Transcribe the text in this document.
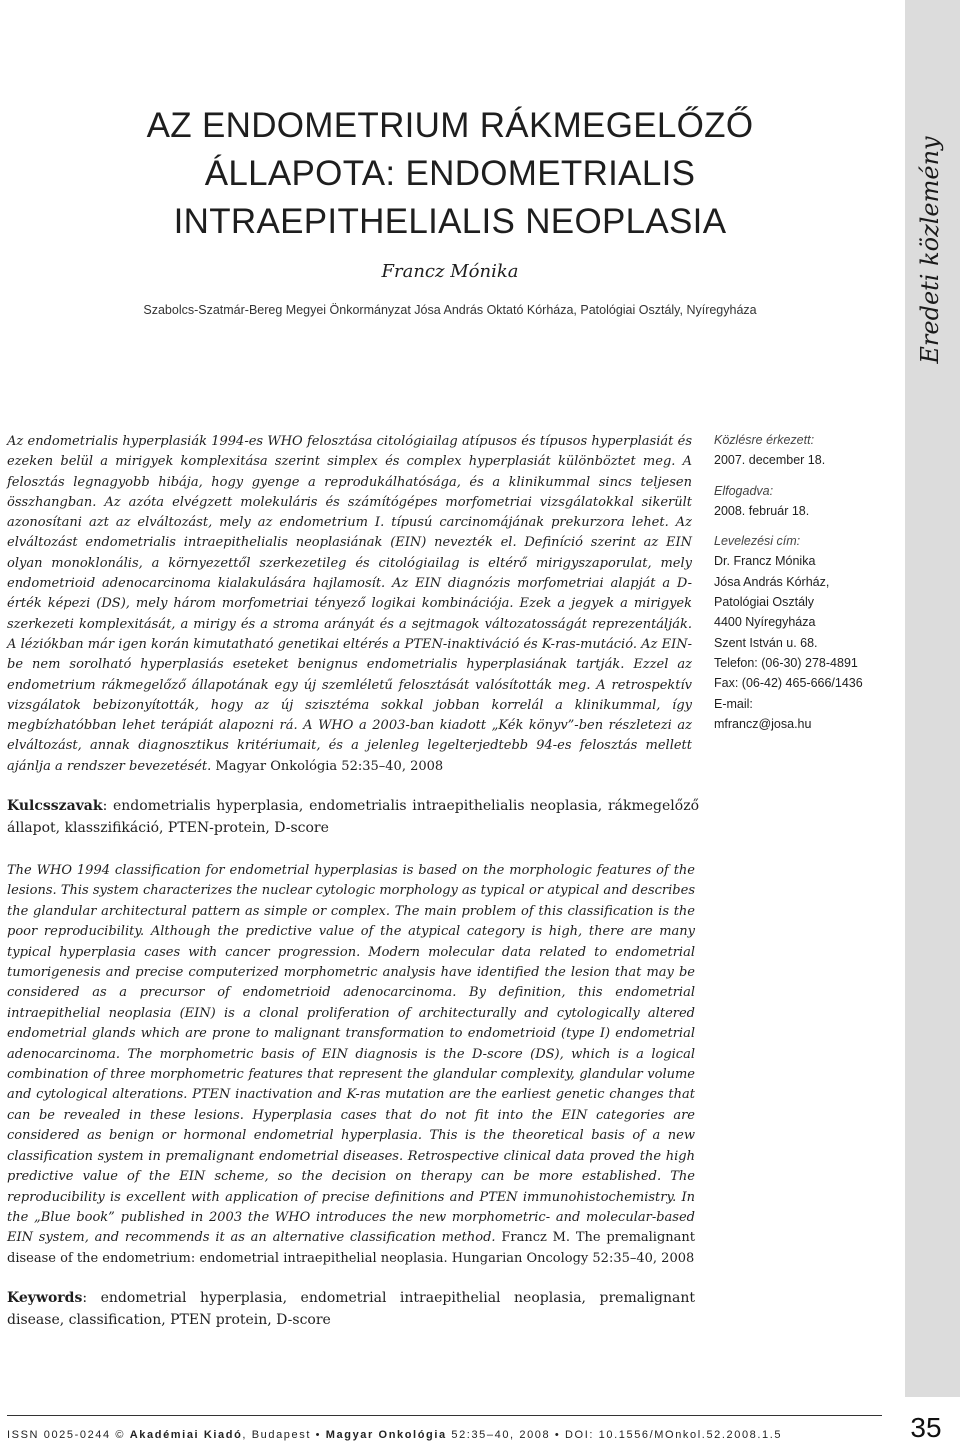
Eredeti közlemény
AZ ENDOMETRIUM RÁKMEGELŐZŐ ÁLLAPOTA: ENDOMETRIALIS INTRAEPITHELIALIS NEOPLASIA
Francz Mónika
Szabolcs-Szatmár-Bereg Megyei Önkormányzat Jósa András Oktató Kórháza, Patológiai Osztály, Nyíregyháza
Az endometrialis hyperplasiák 1994-es WHO felosztása citológiailag atípusos és típusos hyperplasiát és ezeken belül a mirigyek komplexitása szerint simplex és complex hyperplasiát különböztet meg. A felosztás legnagyobb hibája, hogy gyenge a reprodukálhatósága, és a klinikummal sincs teljesen összhangban. Az azóta elvégzett molekuláris és számítógépes morfometriai vizsgálatokkal sikerült azonosítani azt az elváltozást, mely az endometrium I. típusú carcinomájának prekurzora lehet. Az elváltozást endometrialis intraepithelialis neoplasiának (EIN) nevezték el. Definíció szerint az EIN olyan monoklonális, a környezettől szerkezetileg és citológiailag is eltérő mirigyszaporulat, mely endometrioid adenocarcinoma kialakulására hajlamosít. Az EIN diagnózis morfometriai alapját a D-érték képezi (DS), mely három morfometriai tényező logikai kombinációja. Ezek a jegyek a mirigyek szerkezeti komplexitását, a mirigy és a stroma arányát és a sejtmagok változatosságát reprezentálják. A léziókban már igen korán kimutatható genetikai eltérés a PTEN-inaktiváció és K-ras-mutáció. Az EIN-be nem sorolható hyperplasiás eseteket benignus endometrialis hyperplasiának tartják. Ezzel az endometrium rákmegelőző állapotának egy új szemléletű felosztását valósították meg. A retrospektív vizsgálatok bebizonyították, hogy az új szisztéma sokkal jobban korrelál a klinikummal, így megbízhatóbban lehet terápiát alapozni rá. A WHO a 2003-ban kiadott „Kék könyv”-ben részletezi az elváltozást, annak diagnosztikus kritériumait, és a jelenleg legelterjedtebb 94-es felosztás mellett ajánlja a rendszer bevezetését. Magyar Onkológia 52:35–40, 2008
Közlésre érkezett:
2007. december 18.
Elfogadva:
2008. február 18.
Levelezési cím:
Dr. Francz Mónika
Jósa András Kórház,
Patológiai Osztály
4400 Nyíregyháza
Szent István u. 68.
Telefon: (06-30) 278-4891
Fax: (06-42) 465-666/1436
E-mail:
mfrancz@josa.hu
Kulcsszavak: endometrialis hyperplasia, endometrialis intraepithelialis neoplasia, rákmegelőző állapot, klasszifikáció, PTEN-protein, D-score
The WHO 1994 classification for endometrial hyperplasias is based on the morphologic features of the lesions. This system characterizes the nuclear cytologic morphology as typical or atypical and describes the glandular architectural pattern as simple or complex. The main problem of this classification is the poor reproducibility. Although the predictive value of the atypical category is high, there are many typical hyperplasia cases with cancer progression. Modern molecular data related to endometrial tumorigenesis and precise computerized morphometric analysis have identified the lesion that may be considered as a precursor of endometrioid adenocarcinoma. By definition, this endometrial intraepithelial neoplasia (EIN) is a clonal proliferation of architecturally and cytologically altered endometrial glands which are prone to malignant transformation to endometrioid (type I) endometrial adenocarcinoma. The morphometric basis of EIN diagnosis is the D-score (DS), which is a logical combination of three morphometric features that represent the glandular complexity, glandular volume and cytological alterations. PTEN inactivation and K-ras mutation are the earliest genetic changes that can be revealed in these lesions. Hyperplasia cases that do not fit into the EIN categories are considered as benign or hormonal endometrial hyperplasia. This is the theoretical basis of a new classification system in premalignant endometrial diseases. Retrospective clinical data proved the high predictive value of the EIN scheme, so the decision on therapy can be more established. The reproducibility is excellent with application of precise definitions and PTEN immunohistochemistry. In the „Blue book” published in 2003 the WHO introduces the new morphometric- and molecular-based EIN system, and recommends it as an alternative classification method. Francz M. The premalignant disease of the endometrium: endometrial intraepithelial neoplasia. Hungarian Oncology 52:35–40, 2008
Keywords: endometrial hyperplasia, endometrial intraepithelial neoplasia, premalignant disease, classification, PTEN protein, D-score
ISSN 0025-0244 © Akadémiai Kiadó, Budapest • Magyar Onkológia 52:35–40, 2008 • DOI: 10.1556/MOnkol.52.2008.1.5	35
